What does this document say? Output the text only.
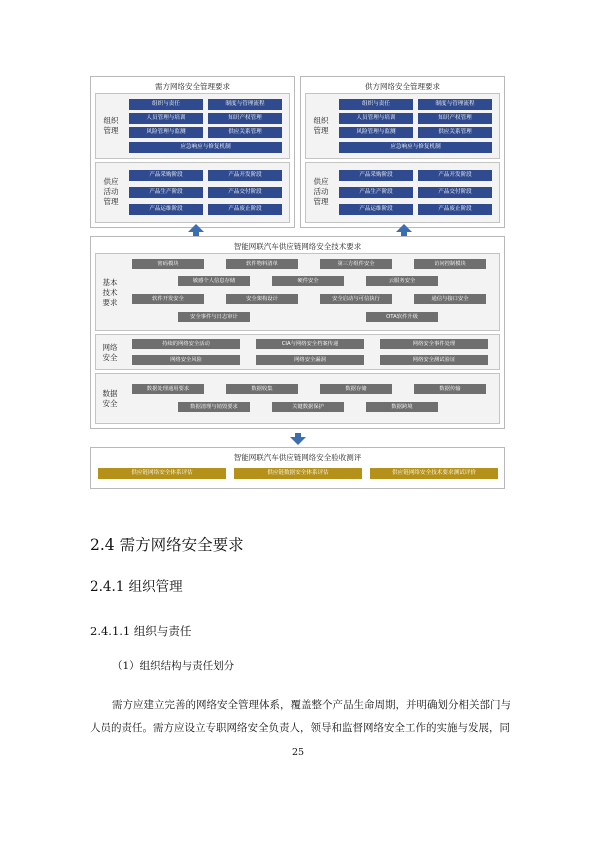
需方网络安全管理要求
组织
管理
组织与责任	制度与管理流程
人员管理与培训	知识产权管理
风险管理与监测	供应关系管理
应急响应与修复机制
供应
活动
管理
产品采购阶段	产品开发阶段
产品生产阶段	产品交付阶段
产品运维阶段	产品废止阶段
供方网络安全管理要求
组织
管理
组织与责任	制度与管理流程
人员管理与培训	知识产权管理
风险管理与监测	供应关系管理
应急响应与修复机制
供应
活动
管理
产品采购阶段	产品开发阶段
产品生产阶段	产品交付阶段
产品运维阶段	产品废止阶段
智能网联汽车供应链网络安全技术要求
基本
技术
要求
密码模块	软件物料清单	第三方组件安全	访问控制模块
敏感个人信息存储	硬件安全	云服务安全
软件开发安全	安全架构设计	安全启动与可信执行	通信与接口安全
安全事件与日志审计	OTA软件升级
网络
安全
持续的网络安全活动	CIA与网络安全档案传递	网络安全事件处理
网络安全风险	网络安全漏洞	网络安全测试验证
数据
安全
数据处理通用要求	数据收集	数据存储	数据传输
数据清理与销毁要求	关键数据保护	数据跨境
智能网联汽车供应链网络安全验收测评
供应链网络安全体系评估	供应链数据安全体系评估	供应链网络安全技术要求测试评价
2.4 需方网络安全要求
2.4.1 组织管理
2.4.1.1 组织与责任
（1）组织结构与责任划分
需方应建立完善的网络安全管理体系，覆盖整个产品生命周期，并明确划分相关部门与
人员的责任。需方应设立专职网络安全负责人，领导和监督网络安全工作的实施与发展，同
25
